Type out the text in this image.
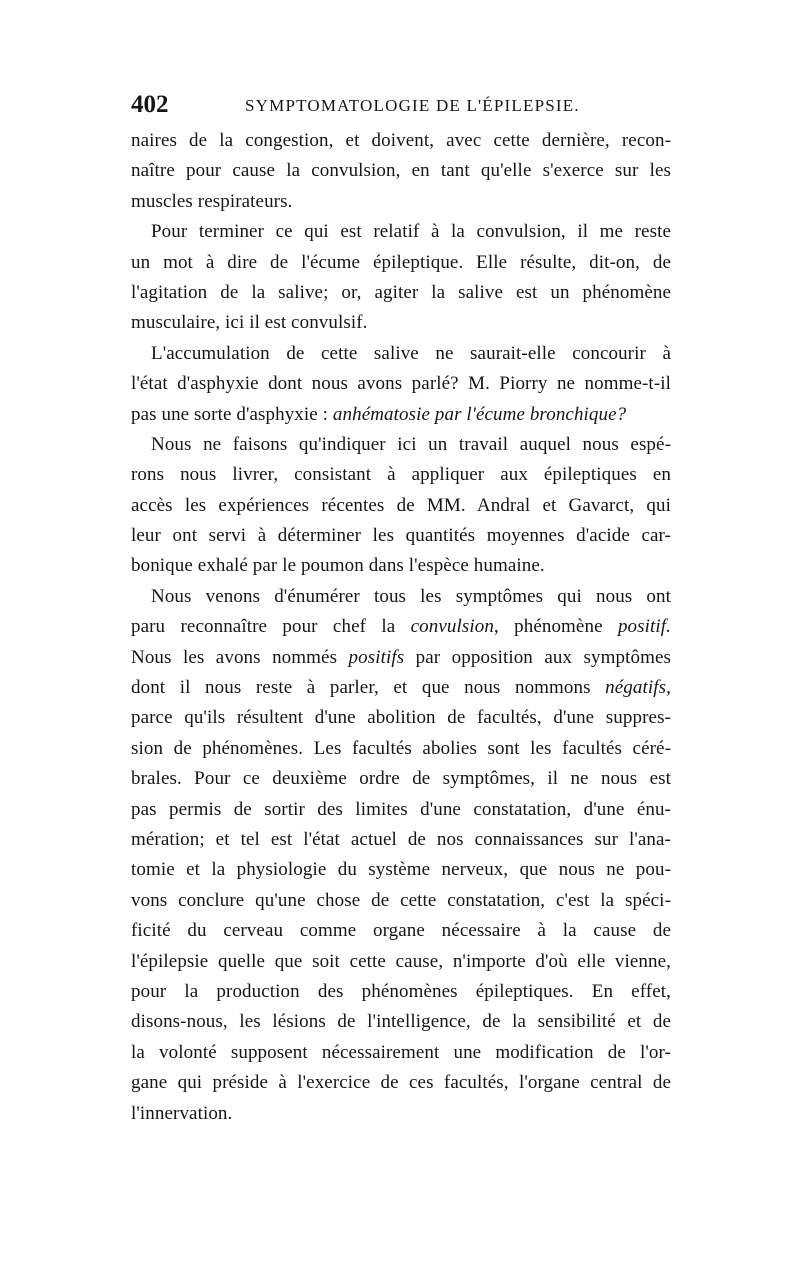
402	SYMPTOMATOLOGIE DE L'ÉPILEPSIE.
naires de la congestion, et doivent, avec cette dernière, recon-
naître pour cause la convulsion, en tant qu'elle s'exerce sur les
muscles respirateurs.
Pour terminer ce qui est relatif à la convulsion, il me reste
un mot à dire de l'écume épileptique. Elle résulte, dit-on, de
l'agitation de la salive; or, agiter la salive est un phénomène
musculaire, ici il est convulsif.
L'accumulation de cette salive ne saurait-elle concourir à
l'état d'asphyxie dont nous avons parlé? M. Piorry ne nomme-t-il
pas une sorte d'asphyxie : anhématosie par l'écume bronchique?
Nous ne faisons qu'indiquer ici un travail auquel nous espé-
rons nous livrer, consistant à appliquer aux épileptiques en
accès les expériences récentes de MM. Andral et Gavarct, qui
leur ont servi à déterminer les quantités moyennes d'acide car-
bonique exhalé par le poumon dans l'espèce humaine.
Nous venons d'énumérer tous les symptômes qui nous ont
paru reconnaître pour chef la convulsion, phénomène positif.
Nous les avons nommés positifs par opposition aux symptômes
dont il nous reste à parler, et que nous nommons négatifs,
parce qu'ils résultent d'une abolition de facultés, d'une suppres-
sion de phénomènes. Les facultés abolies sont les facultés céré-
brales. Pour ce deuxième ordre de symptômes, il ne nous est
pas permis de sortir des limites d'une constatation, d'une énu-
mération; et tel est l'état actuel de nos connaissances sur l'ana-
tomie et la physiologie du système nerveux, que nous ne pou-
vons conclure qu'une chose de cette constatation, c'est la spéci-
ficité du cerveau comme organe nécessaire à la cause de
l'épilepsie quelle que soit cette cause, n'importe d'où elle vienne,
pour la production des phénomènes épileptiques. En effet,
disons-nous, les lésions de l'intelligence, de la sensibilité et de
la volonté supposent nécessairement une modification de l'or-
gane qui préside à l'exercice de ces facultés, l'organe central de
l'innervation.
